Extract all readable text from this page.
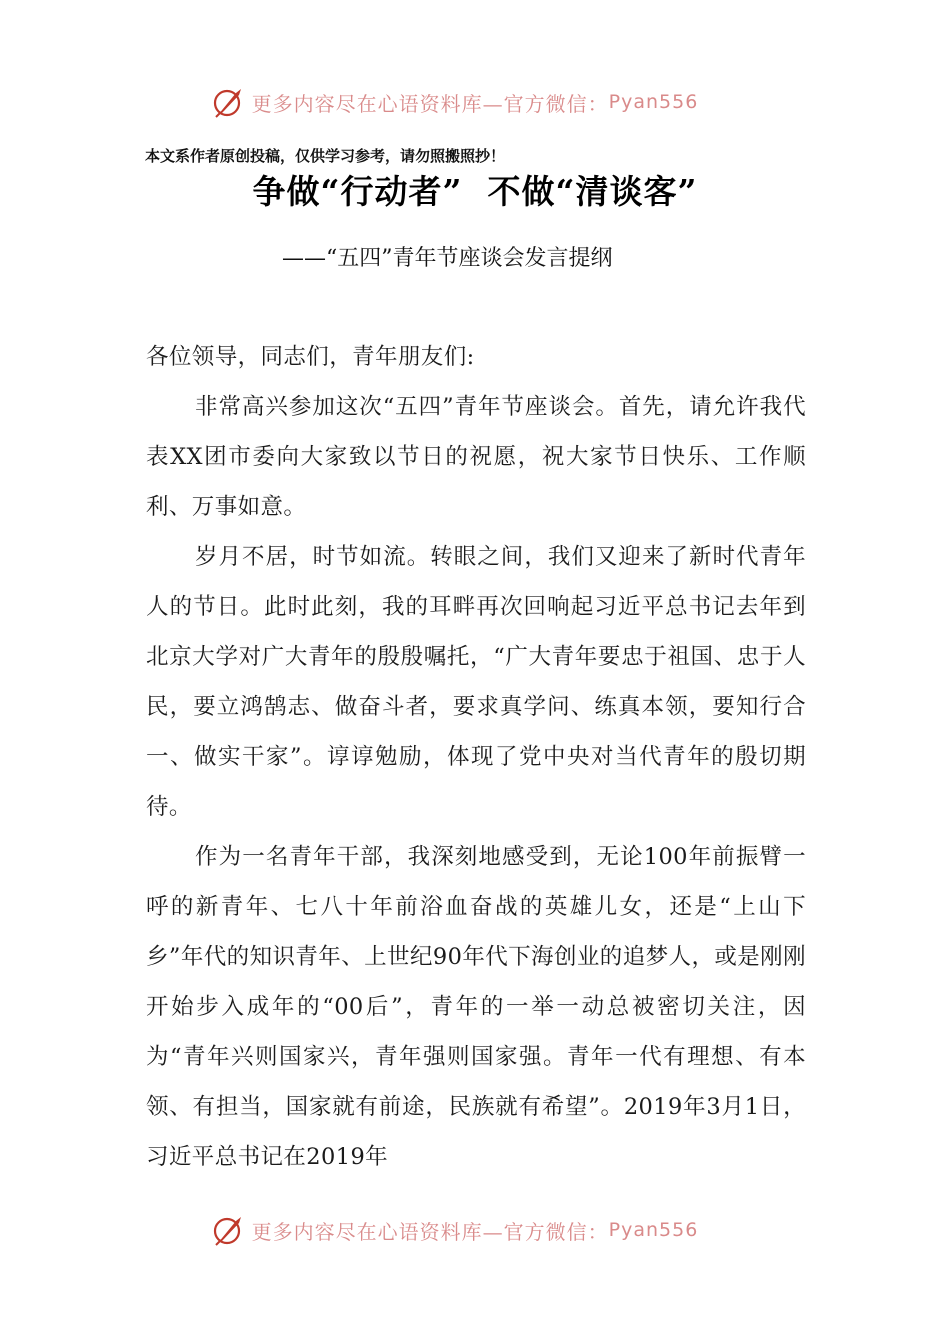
更多内容尽在心语资料库—官方微信： Pyan556
本文系作者原创投稿，仅供学习参考，请勿照搬照抄！
争做“行动者”  不做“清谈客”
——“五四”青年节座谈会发言提纲

各位领导，同志们，青年朋友们:

非常高兴参加这次“五四”青年节座谈会。首先，请允许我代表XX团市委向大家致以节日的祝愿，祝大家节日快乐、工作顺利、万事如意。

岁月不居，时节如流。转眼之间，我们又迎来了新时代青年人的节日。此时此刻，我的耳畔再次回响起习近平总书记去年到北京大学对广大青年的殷殷嘱托，“广大青年要忠于祖国、忠于人民，要立鸿鹄志、做奋斗者，要求真学问、练真本领，要知行合一、做实干家”。谆谆勉励，体现了党中央对当代青年的殷切期待。

作为一名青年干部，我深刻地感受到，无论100年前振臂一呼的新青年、七八十年前浴血奋战的英雄儿女，还是“上山下乡”年代的知识青年、上世纪90年代下海创业的追梦人，或是刚刚开始步入成年的“00后”，青年的一举一动总被密切关注，因为“青年兴则国家兴，青年强则国家强。青年一代有理想、有本领、有担当，国家就有前途，民族就有希望”。2019年3月1日，习近平总书记在2019年

更多内容尽在心语资料库—官方微信： Pyan556
